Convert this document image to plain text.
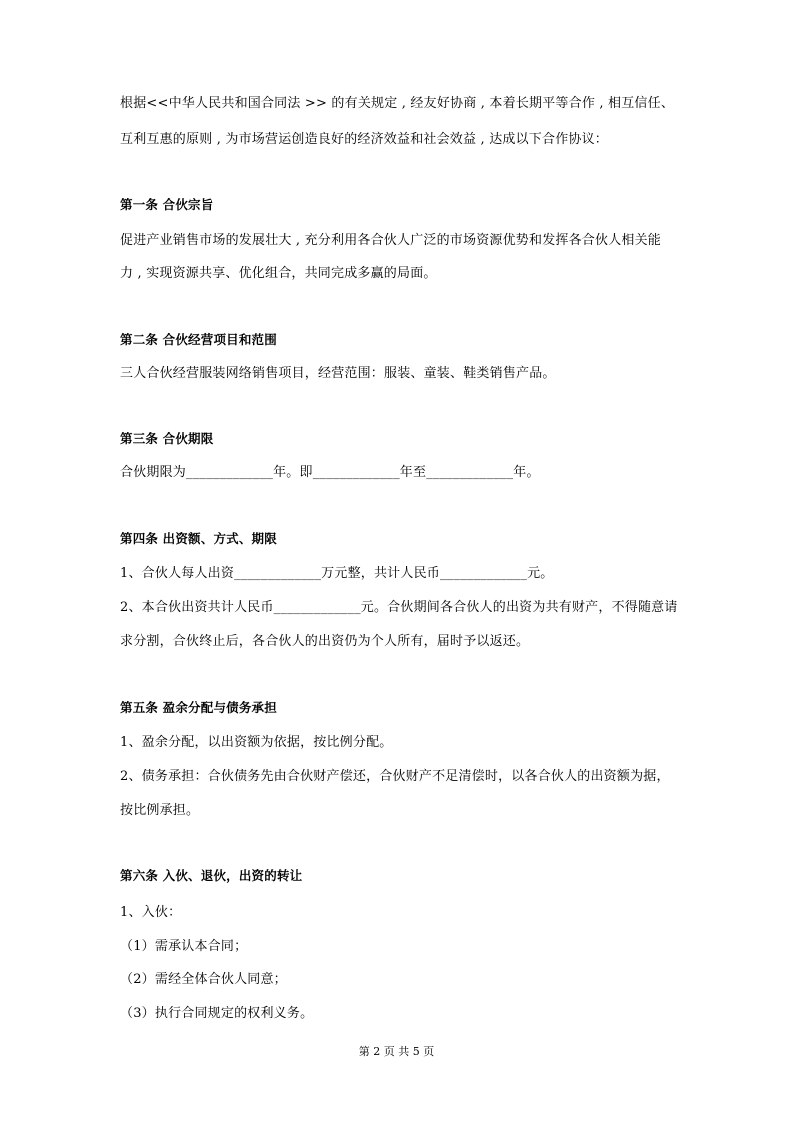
根据<<中华人民共和国合同法 >> 的有关规定 , 经友好协商 , 本着长期平等合作 , 相互信任、
互利互惠的原则 , 为市场营运创造良好的经济效益和社会效益 , 达成以下合作协议：
第一条 合伙宗旨
促进产业销售市场的发展壮大 , 充分利用各合伙人广泛的市场资源优势和发挥各合伙人相关能
力 , 实现资源共享、优化组合，共同完成多赢的局面。
第二条 合伙经营项目和范围
三人合伙经营服装网络销售项目，经营范围：服装、童装、鞋类销售产品。
第三条 合伙期限
合伙期限为_____________年。即_____________年至_____________年。
第四条 出资额、方式、期限
1、合伙人每人出资_____________万元整，共计人民币_____________元。
2、本合伙出资共计人民币_____________元。合伙期间各合伙人的出资为共有财产，不得随意请
求分割，合伙终止后，各合伙人的出资仍为个人所有，届时予以返还。
第五条 盈余分配与债务承担
1、盈余分配，以出资额为依据，按比例分配。
2、债务承担：合伙债务先由合伙财产偿还，合伙财产不足清偿时，以各合伙人的出资额为据，
按比例承担。
第六条 入伙、退伙，出资的转让
1、入伙：
（1）需承认本合同；
（2）需经全体合伙人同意；
（3）执行合同规定的权利义务。
第 2 页 共 5 页
